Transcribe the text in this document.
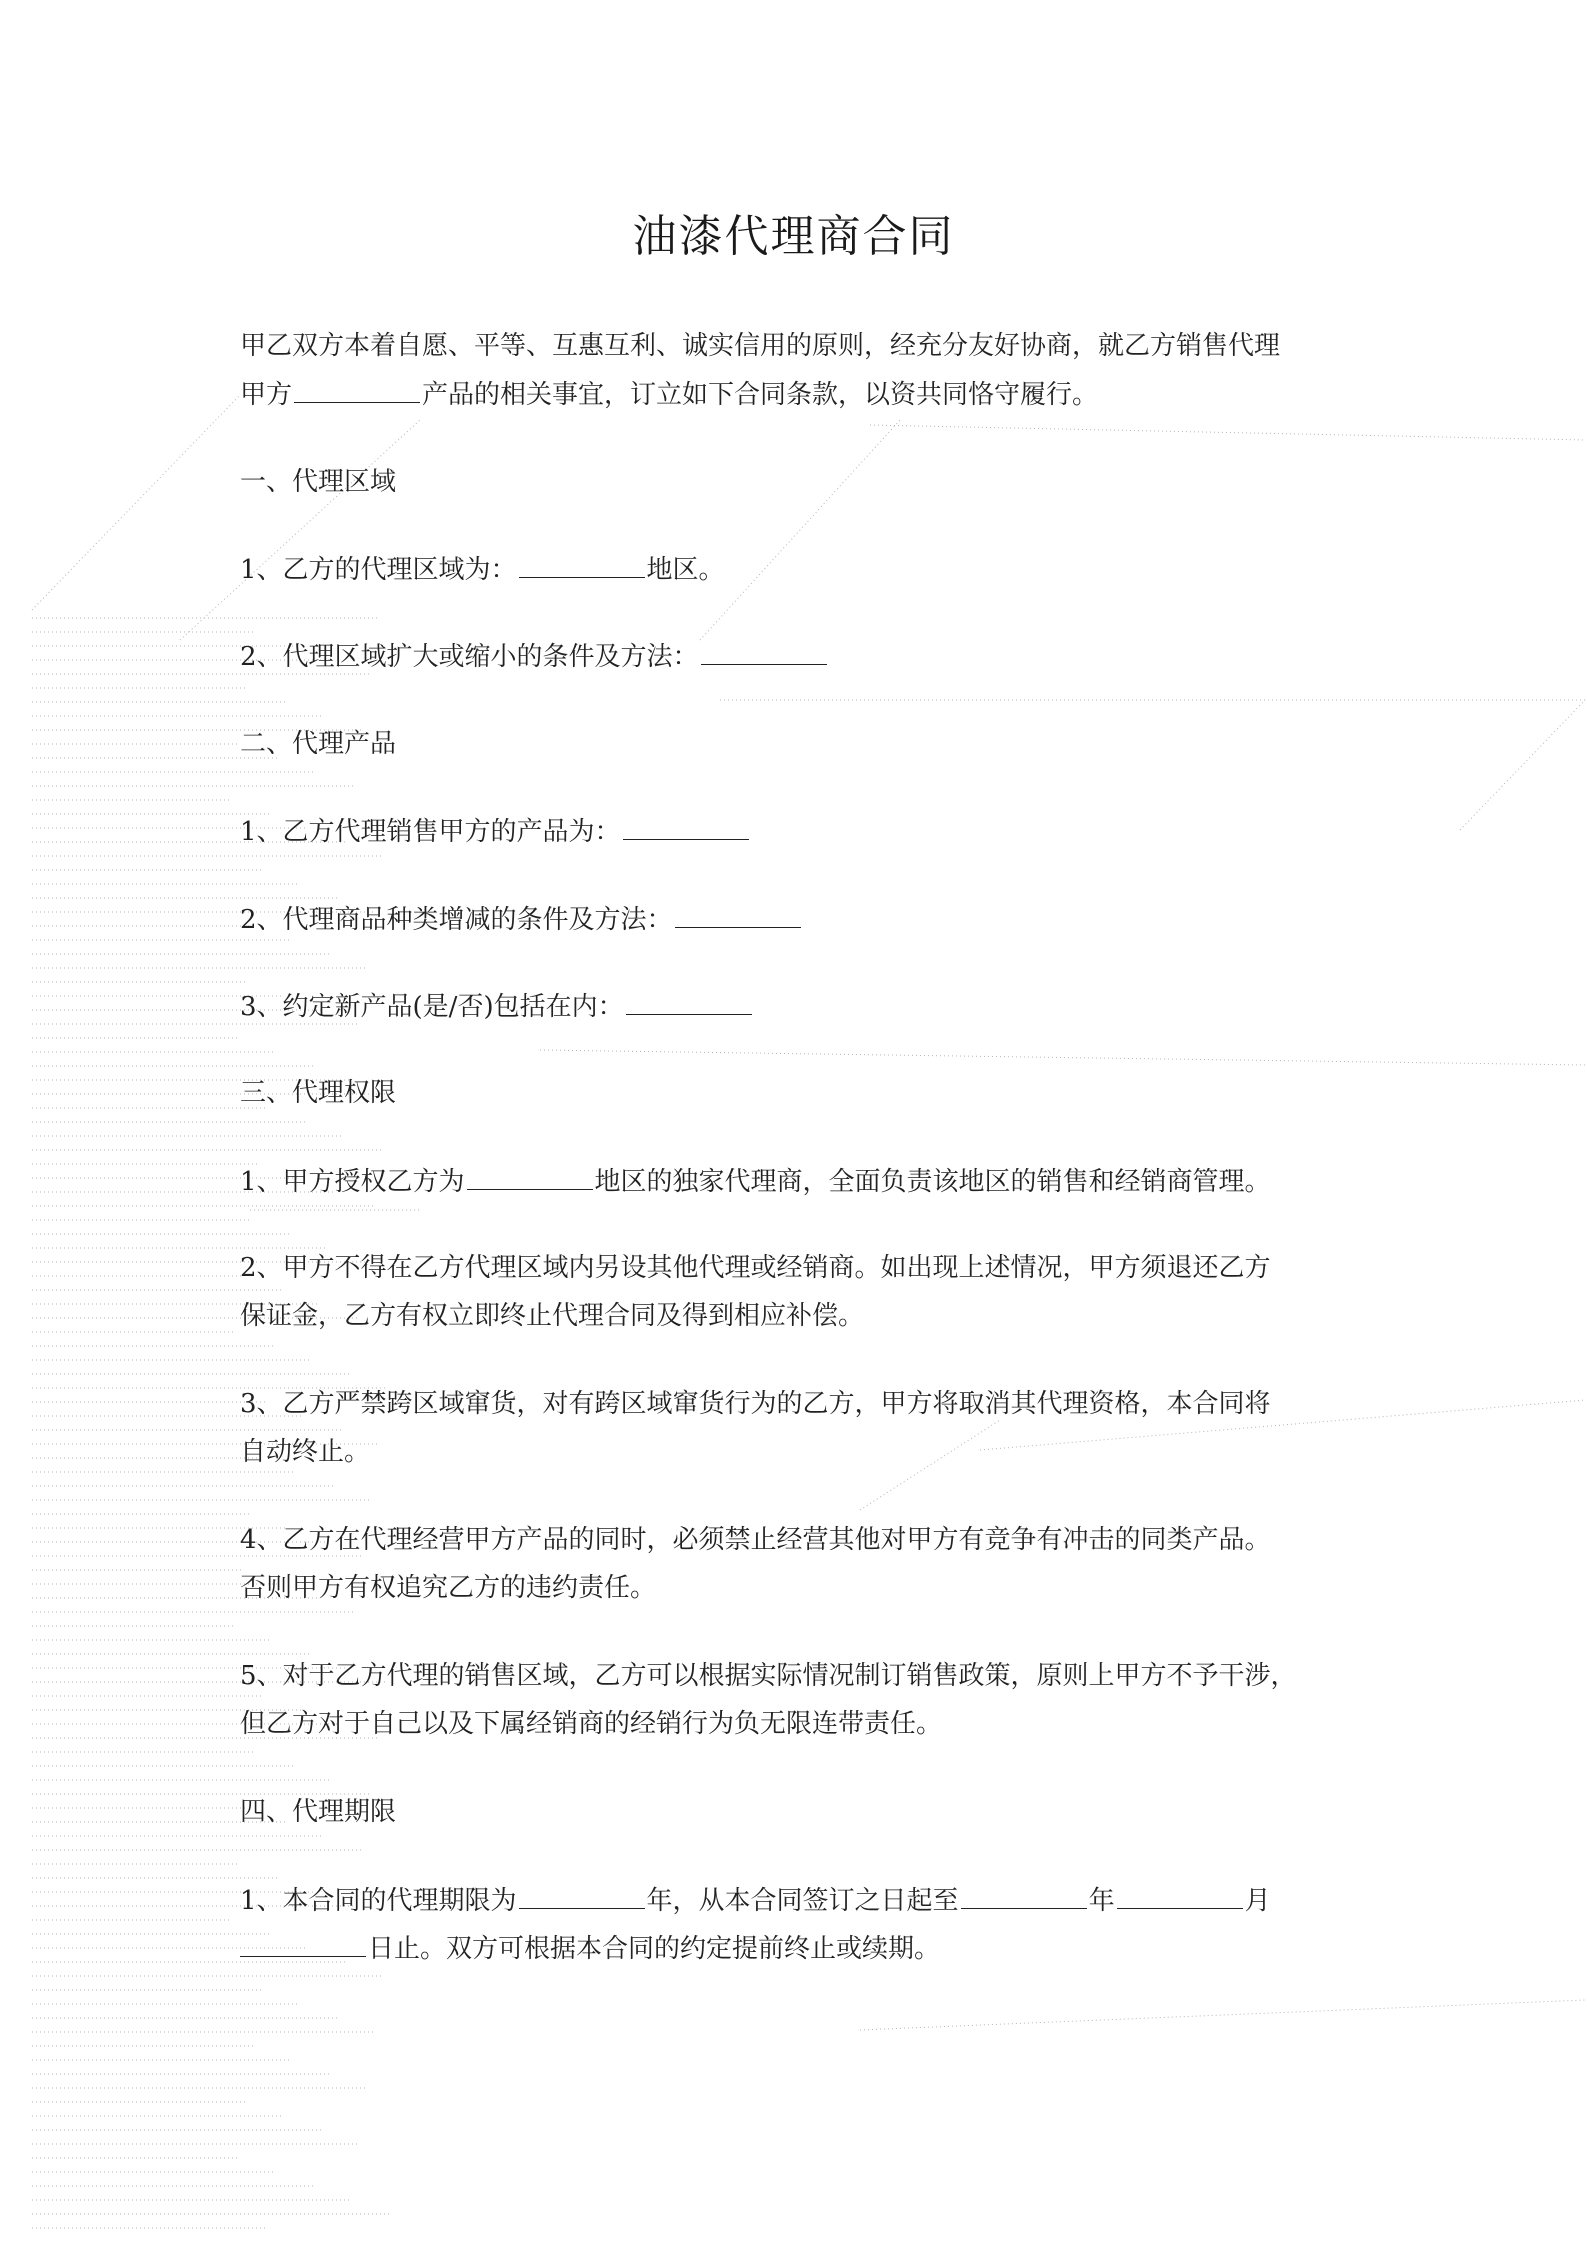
油漆代理商合同
甲乙双方本着自愿、平等、互惠互利、诚实信用的原则，经充分友好协商，就乙方销售代理
甲方	产品的相关事宜，订立如下合同条款，以资共同恪守履行。
一、代理区域
1、乙方的代理区域为：	地区。
2、代理区域扩大或缩小的条件及方法：
二、代理产品
1、乙方代理销售甲方的产品为：
2、代理商品种类增减的条件及方法：
3、约定新产品(是/否)包括在内：
三、代理权限
1、甲方授权乙方为	地区的独家代理商，全面负责该地区的销售和经销商管理。
2、甲方不得在乙方代理区域内另设其他代理或经销商。如出现上述情况，甲方须退还乙方
保证金，乙方有权立即终止代理合同及得到相应补偿。
3、乙方严禁跨区域窜货，对有跨区域窜货行为的乙方，甲方将取消其代理资格，本合同将
自动终止。
4、乙方在代理经营甲方产品的同时，必须禁止经营其他对甲方有竞争有冲击的同类产品。
否则甲方有权追究乙方的违约责任。
5、对于乙方代理的销售区域，乙方可以根据实际情况制订销售政策，原则上甲方不予干涉，
但乙方对于自己以及下属经销商的经销行为负无限连带责任。
四、代理期限
1、本合同的代理期限为	年，从本合同签订之日起至	年	月
日止。双方可根据本合同的约定提前终止或续期。
